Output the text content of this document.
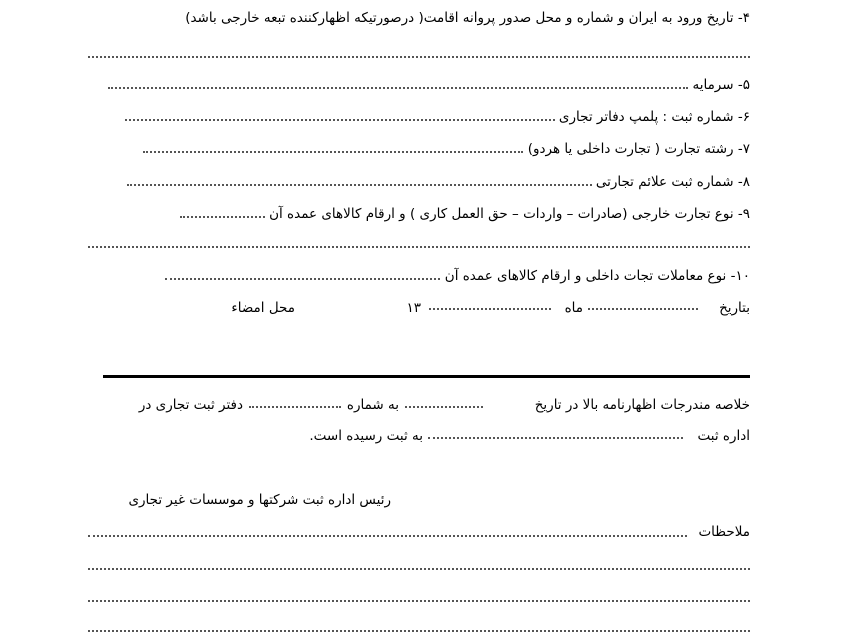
۴- تاریخ ورود به ایران و شماره و محل صدور پروانه اقامت( درصورتیکه اظهارکننده تبعه خارجی باشد)
۵- سرمایه
۶- شماره ثبت : پلمپ دفاتر تجاری
۷- رشته تجارت ( تجارت داخلی یا هردو)
۸- شماره ثبت علائم تجارتی
۹- نوع تجارت خارجی (صادرات – واردات – حق العمل کاری ) و ارقام کالاهای عمده آن
۱۰- نوع معاملات تجات داخلی و ارقام کالاهای عمده آن
بتاریخ
ماه
۱۳
محل امضاء
خلاصه مندرجات اظهارنامه بالا در تاریخ
به شماره
دفتر ثبت تجاری در
اداره ثبت
به ثبت رسیده است.
رئیس اداره ثبت شرکتها و موسسات غیر تجاری
ملاحظات
